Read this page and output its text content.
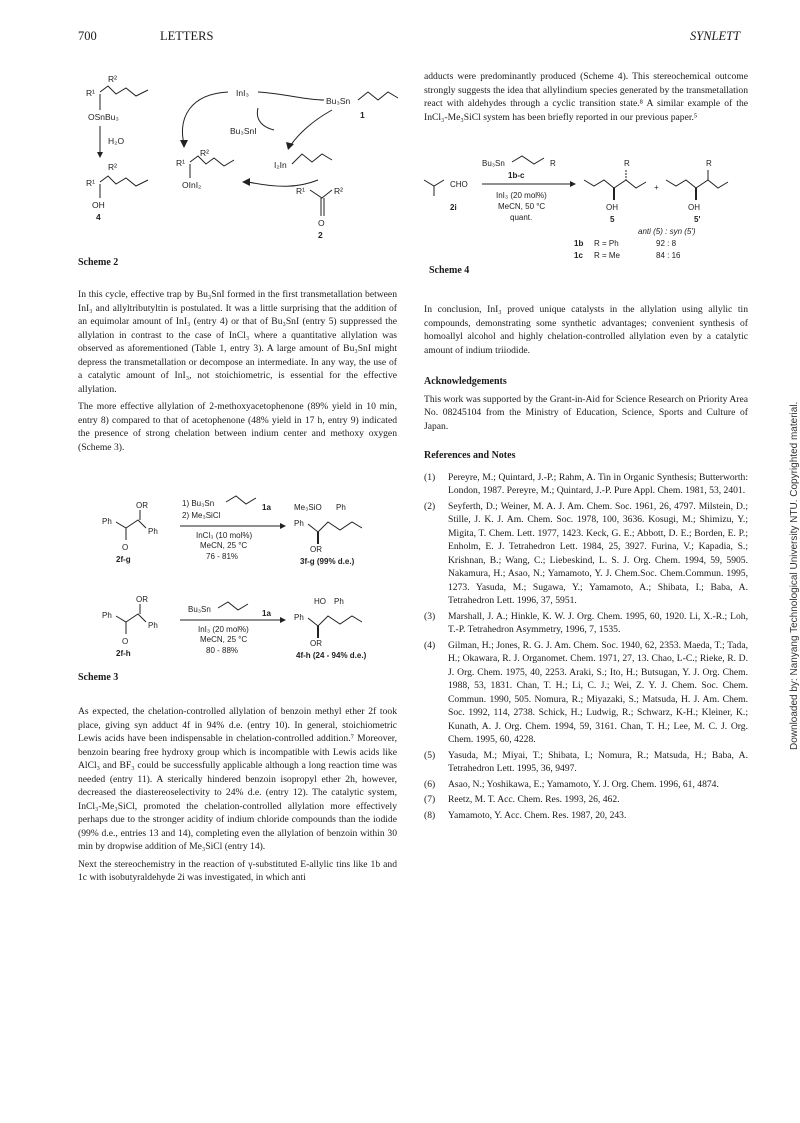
700	LETTERS	SYNLETT
R¹
R²
OSnBu₃
H₂O
R¹
R²
OH
4
InI₃
Bu₃Sn
1
Bu₃SnI
R¹
R²
OInI₂
I₂In
R¹	R²
O
2
Scheme 2

In this cycle, effective trap by Bu₃SnI formed in the first transmetallation between InI₃ and allyltributyltin is postulated. It was a little surprising that the addition of an equimolar amount of InI₃ (entry 4) or that of Bu₃SnI (entry 5) suppressed the allylation in contrast to the case of InCl₃ where a quantitative allylation was observed as aforementioned (Table 1, entry 3). A large amount of Bu₃SnI might depress the transmetallation or decompose an intermediate. In any way, the use of a catalytic amount of InI₃, not stoichiometric, is essential for the effective allylation.

The more effective allylation of 2-methoxyacetophenone (89% yield in 10 min, entry 8) compared to that of acetophenone (48% yield in 17 h, entry 9) indicated the presence of strong chelation between indium center and methoxy oxygen (Scheme 3).

OR
Ph
Ph
O
2f-g
1) Bu₃Sn	1a
2) Me₃SiCl
InCl₃ (10 mol%)
MeCN, 25 °C
76 - 81%
Me₃SiO Ph
Ph
OR
3f-g (99% d.e.)
OR
Ph
Ph
O
2f-h
Bu₃Sn	1a
InI₃ (20 mol%)
MeCN, 25 °C
80 - 88%
HO Ph
Ph
OR
4f-h (24 - 94% d.e.)
Scheme 3

As expected, the chelation-controlled allylation of benzoin methyl ether 2f took place, giving syn adduct 4f in 94% d.e. (entry 10). In general, stoichiometric Lewis acids have been indispensable in chelation-controlled addition.⁷ Moreover, benzoin bearing free hydroxy group which is incompatible with Lewis acids like AlCl₃ and BF₃ could be successfully applicable although a long reaction time was needed (entry 11). A sterically hindered benzoin isopropyl ether 2h, however, decreased the diastereoselectivity to 24% d.e. (entry 12). The catalytic system, InCl₃-Me₃SiCl, promoted the chelation-controlled allylation more effectively perhaps due to the stronger acidity of indium chloride compounds than the iodide (99% d.e., entries 13 and 14), completing even the allylation of benzoin within 30 min by dropwise addition of Me₃SiCl (entry 14).

Next the stereochemistry in the reaction of γ-substituted E-allylic tins like 1b and 1c with isobutyraldehyde 2i was investigated, in which anti

adducts were predominantly produced (Scheme 4). This stereochemical outcome strongly suggests the idea that allylindium species generated by the transmetallation react with aldehydes through a cyclic transition state.⁸ A similar example of the InCl₃-Me₃SiCl system has been briefly reported in our previous paper.⁵

CHO
2i
Bu₃Sn	R
1b-c
InI₃ (20 mol%)
MeCN, 50 °C
quant.
R
OH
5
+
R
OH
5'
anti (5) : syn (5')
1b R = Ph	92 : 8
1c R = Me	84 : 16
Scheme 4

In conclusion, InI₃ proved unique catalysts in the allylation using allylic tin compounds, demonstrating some synthetic advantages; convenient synthesis of homoallyl alcohol and highly chelation-controlled allylation even by a catalytic amount of indium triiodide.

Acknowledgements

This work was supported by the Grant-in-Aid for Science Research on Priority Area No. 08245104 from the Ministry of Education, Science, Sports and Culture of Japan.

References and Notes
(1)	Pereyre, M.; Quintard, J.-P.; Rahm, A. Tin in Organic Synthesis; Butterworth: London, 1987. Pereyre, M.; Quintard, J.-P. Pure Appl. Chem. 1981, 53, 2401.
(2)	Seyferth, D.; Weiner, M. A. J. Am. Chem. Soc. 1961, 26, 4797. Milstein, D.; Stille, J. K. J. Am. Chem. Soc. 1978, 100, 3636. Kosugi, M.; Shimizu, Y.; Migita, T. Chem. Lett. 1977, 1423. Keck, G. E.; Abbott, D. E.; Borden, E. P.; Enholm, E. J. Tetrahedron Lett. 1984, 25, 3927. Furina, V.; Kapadia, S.; Krishnan, B.; Wang, C.; Liebeskind, L. S. J. Org. Chem. 1994, 59, 5905. Nakamura, H.; Asao, N.; Yamamoto, Y. J. Chem.Soc. Chem.Commun. 1995, 1273. Yasuda, M.; Sugawa, Y.; Yamamoto, A.; Shibata, I.; Baba, A. Tetrahedron Lett. 1996, 37, 5951.
(3)	Marshall, J. A.; Hinkle, K. W. J. Org. Chem. 1995, 60, 1920. Li, X.-R.; Loh, T.-P. Tetrahedron Asymmetry, 1996, 7, 1535.
(4)	Gilman, H.; Jones, R. G. J. Am. Chem. Soc. 1940, 62, 2353. Maeda, T.; Tada, H.; Okawara, R. J. Organomet. Chem. 1971, 27, 13. Chao, L-C.; Rieke, R. D. J. Org. Chem. 1975, 40, 2253. Araki, S.; Ito, H.; Butsugan, Y. J. Org. Chem. 1988, 53, 1831. Chan, T. H.; Li, C. J.; Wei, Z. Y. J. Chem. Soc. Chem. Commun. 1990, 505. Nomura, R.; Miyazaki, S.; Matsuda, H. J. Am. Chem. Soc. 1992, 114, 2738. Schick, H.; Ludwig, R.; Schwarz, K-H.; Kleiner, K.; Kunath, A. J. Org. Chem. 1994, 59, 3161. Chan, T. H.; Lee, M. C. J. Org. Chem. 1995, 60, 4228.
(5)	Yasuda, M.; Miyai, T.; Shibata, I.; Nomura, R.; Matsuda, H.; Baba, A. Tetrahedron Lett. 1995, 36, 9497.
(6)	Asao, N.; Yoshikawa, E.; Yamamoto, Y. J. Org. Chem. 1996, 61, 4874.
(7)	Reetz, M. T. Acc. Chem. Res. 1993, 26, 462.
(8)	Yamamoto, Y. Acc. Chem. Res. 1987, 20, 243.
Downloaded by: Nanyang Technological University NTU. Copyrighted material.
